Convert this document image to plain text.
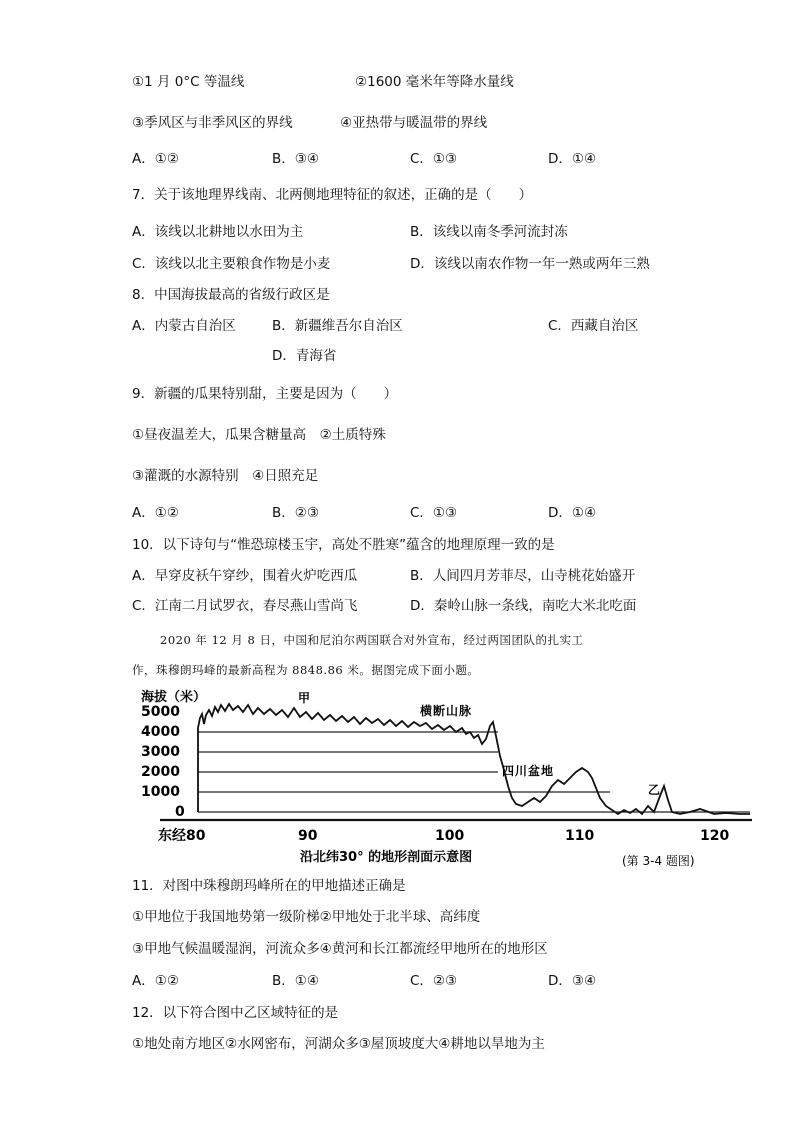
①1 月 0°C 等温线	②1600 毫米年等降水量线
③季风区与非季风区的界线	④亚热带与暖温带的界线
A．①②	B．③④	C．①③	D．①④
7．关于该地理界线南、北两侧地理特征的叙述，正确的是（　　）
A．该线以北耕地以水田为主	B．该线以南冬季河流封冻
C．该线以北主要粮食作物是小麦	D．该线以南农作物一年一熟或两年三熟
8．中国海拔最高的省级行政区是
A．内蒙古自治区	B．新疆维吾尔自治区	C．西藏自治区
D．青海省
9．新疆的瓜果特别甜，主要是因为（　　）
①昼夜温差大，瓜果含糖量高　②土质特殊
③灌溉的水源特别　④日照充足
A．①②	B．②③	C．①③	D．①④
10．以下诗句与“惟恐琼楼玉宇，高处不胜寒”蕴含的地理原理一致的是
A．早穿皮袄午穿纱，围着火炉吃西瓜	B．人间四月芳菲尽，山寺桃花始盛开
C．江南二月试罗衣，春尽燕山雪尚飞	D．秦岭山脉一条线，南吃大米北吃面
2020 年 12 月 8 日，中国和尼泊尔两国联合对外宣布，经过两国团队的扎实工
作，珠穆朗玛峰的最新高程为 8848.86 米。据图完成下面小题。
5000
4000
3000
2000
1000
0
海拔（米）
东经80	90	100	110	120
甲
横断山脉
四川盆地
乙
沿北纬30° 的地形剖面示意图	(第 3-4 题图)
11．对图中珠穆朗玛峰所在的甲地描述正确是
①甲地位于我国地势第一级阶梯②甲地处于北半球、高纬度
③甲地气候温暖湿润，河流众多④黄河和长江都流经甲地所在的地形区
A．①②	B．①④	C．②③	D．③④
12．以下符合图中乙区域特征的是
①地处南方地区②水网密布，河湖众多③屋顶坡度大④耕地以旱地为主
